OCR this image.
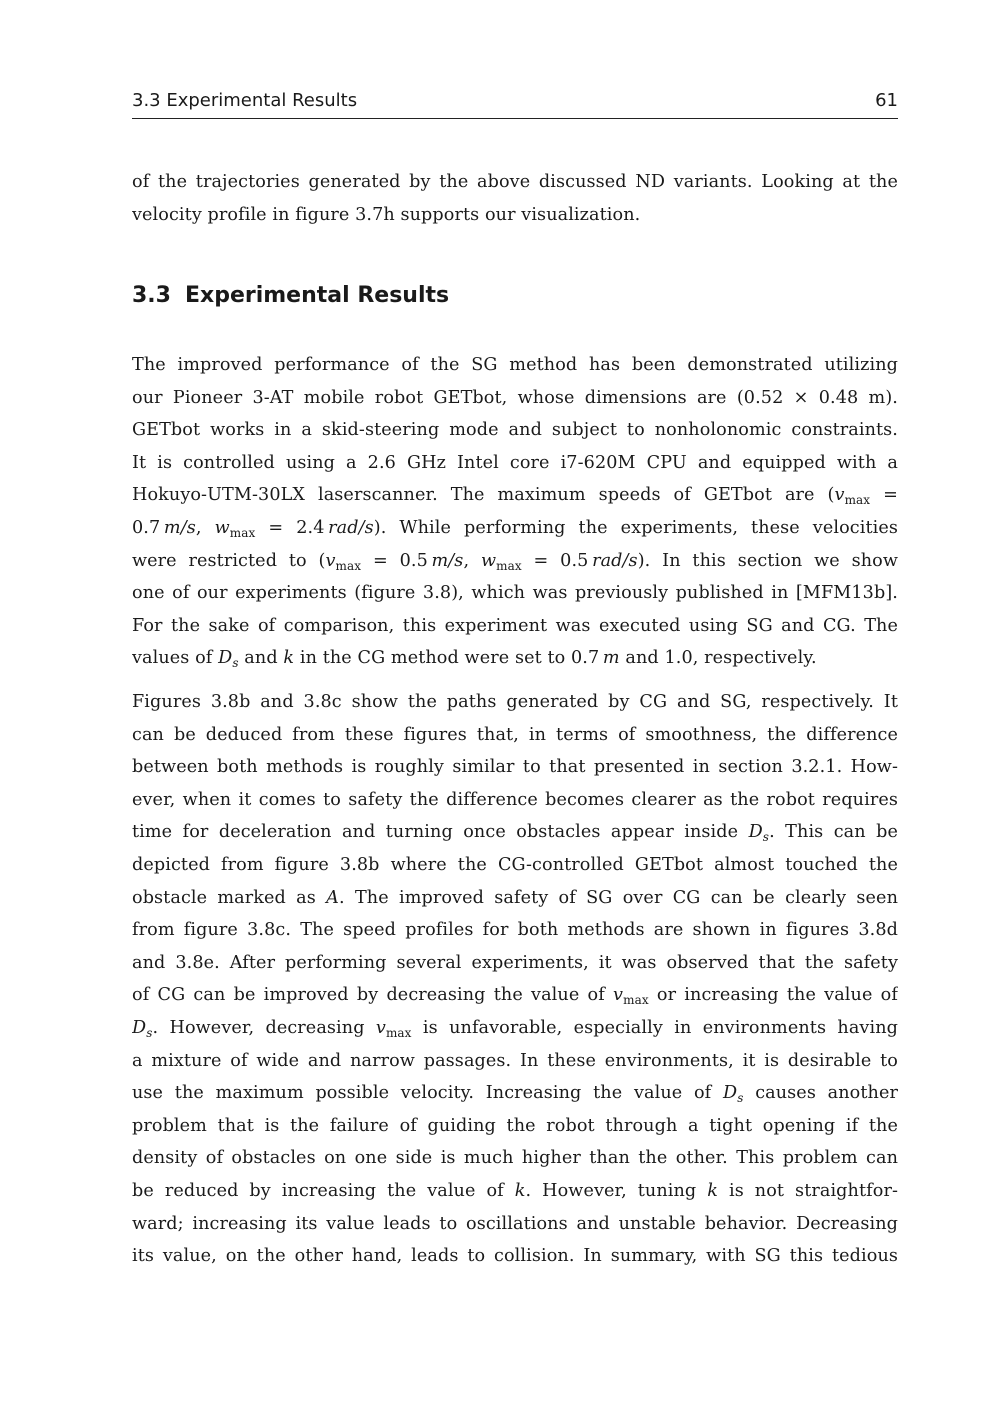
3.3 Experimental Results	61
of the trajectories generated by the above discussed ND variants. Looking at the
velocity profile in figure 3.7h supports our visualization.
3.3 Experimental Results
The improved performance of the SG method has been demonstrated utilizing
our Pioneer 3-AT mobile robot GETbot, whose dimensions are (0.52 × 0.48 m).
GETbot works in a skid-steering mode and subject to nonholonomic constraints.
It is controlled using a 2.6 GHz Intel core i7-620M CPU and equipped with a
Hokuyo-UTM-30LX laserscanner. The maximum speeds of GETbot are ($v_{max}$ =
0.7 m/s, $w_{max} = 2.4$ rad/s). While performing the experiments, these velocities
were restricted to ($v_{max} = 0.5$ m/s, $w_{max} = 0.5$ rad/s). In this section we show
one of our experiments (figure 3.8), which was previously published in [MFM13b].
For the sake of comparison, this experiment was executed using SG and CG. The
values of $D_s$ and k in the CG method were set to 0.7 m and 1.0, respectively.
Figures 3.8b and 3.8c show the paths generated by CG and SG, respectively. It
can be deduced from these figures that, in terms of smoothness, the difference
between both methods is roughly similar to that presented in section 3.2.1. How-
ever, when it comes to safety the difference becomes clearer as the robot requires
time for deceleration and turning once obstacles appear inside $D_s$. This can be
depicted from figure 3.8b where the CG-controlled GETbot almost touched the
obstacle marked as A. The improved safety of SG over CG can be clearly seen
from figure 3.8c. The speed profiles for both methods are shown in figures 3.8d
and 3.8e. After performing several experiments, it was observed that the safety
of CG can be improved by decreasing the value of $v_{max}$ or increasing the value of
$D_s$. However, decreasing $v_{max}$ is unfavorable, especially in environments having
a mixture of wide and narrow passages. In these environments, it is desirable to
use the maximum possible velocity. Increasing the value of $D_s$ causes another
problem that is the failure of guiding the robot through a tight opening if the
density of obstacles on one side is much higher than the other. This problem can
be reduced by increasing the value of k. However, tuning k is not straightfor-
ward; increasing its value leads to oscillations and unstable behavior. Decreasing
its value, on the other hand, leads to collision. In summary, with SG this tedious
